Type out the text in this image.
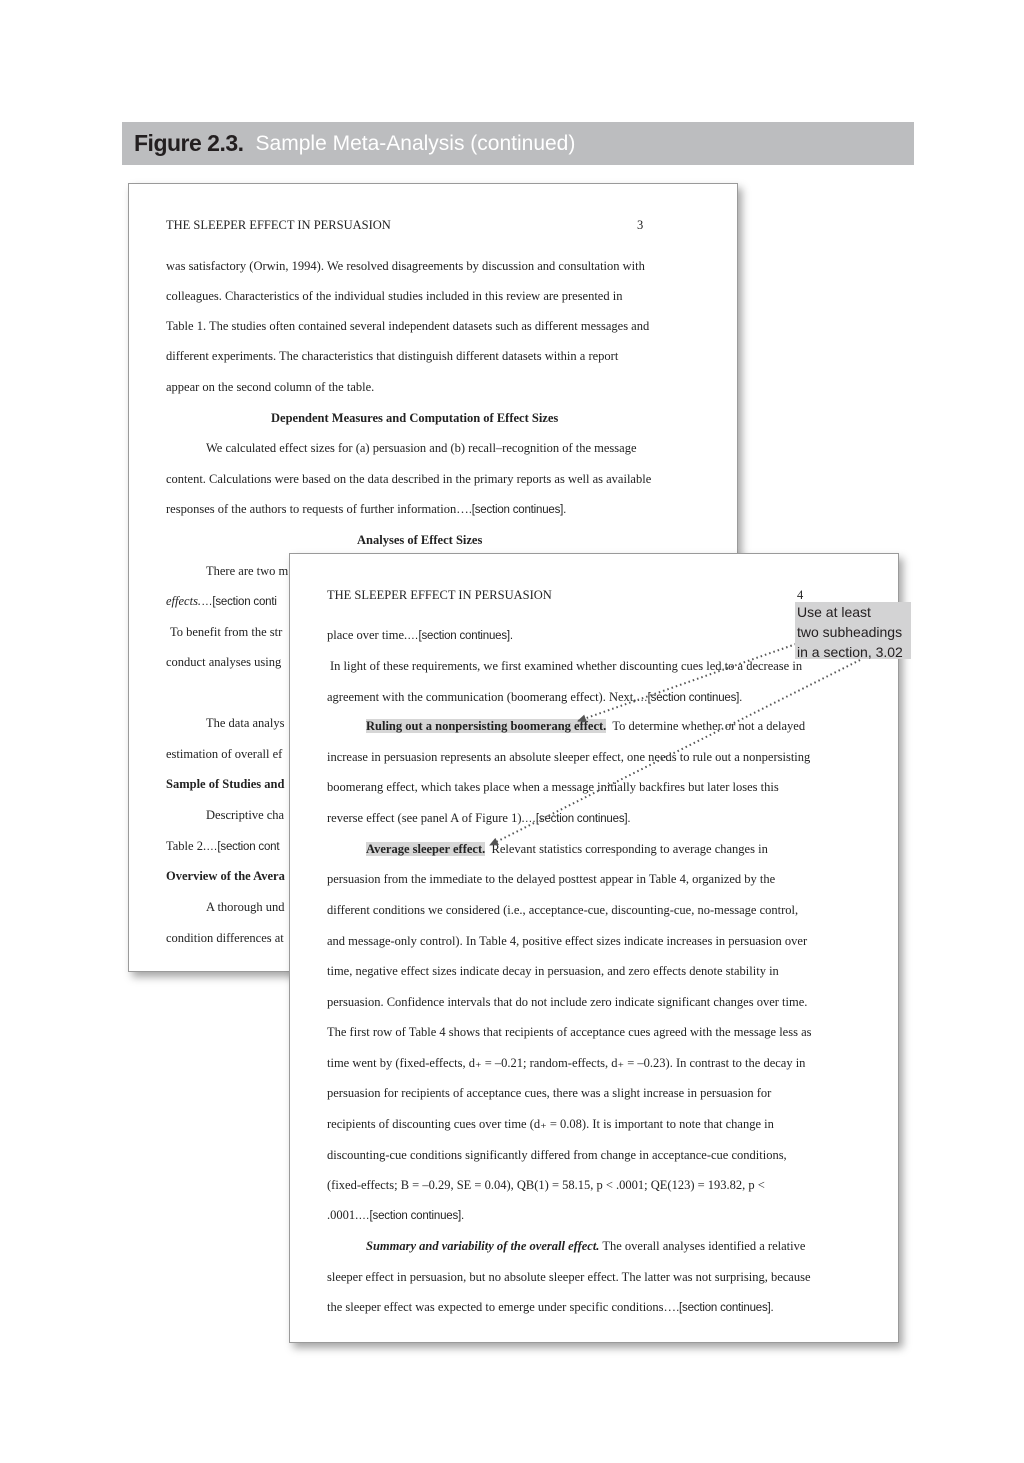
Figure 2.3. Sample Meta-Analysis (continued)
THE SLEEPER EFFECT IN PERSUASION	3
was satisfactory (Orwin, 1994). We resolved disagreements by discussion and consultation with
colleagues. Characteristics of the individual studies included in this review are presented in
Table 1. The studies often contained several independent datasets such as different messages and
different experiments. The characteristics that distinguish different datasets within a report
appear on the second column of the table.
Dependent Measures and Computation of Effect Sizes
We calculated effect sizes for (a) persuasion and (b) recall–recognition of the message
content. Calculations were based on the data described in the primary reports as well as available
responses of the authors to requests of further information….[section continues].
Analyses of Effect Sizes
There are two m
effects.…[section conti
To benefit from the str
conduct analyses using
The data analys
estimation of overall ef
Sample of Studies and
Descriptive cha
Table 2.…[section cont
Overview of the Avera
A thorough und
condition differences at
THE SLEEPER EFFECT IN PERSUASION	4
place over time.…[section continues].
In light of these requirements, we first examined whether discounting cues led to a decrease in
agreement with the communication (boomerang effect). Next,…[section continues].
Ruling out a nonpersisting boomerang effect. To determine whether or not a delayed
increase in persuasion represents an absolute sleeper effect, one needs to rule out a nonpersisting
boomerang effect, which takes place when a message initially backfires but later loses this
reverse effect (see panel A of Figure 1).…[section continues].
Average sleeper effect. Relevant statistics corresponding to average changes in
persuasion from the immediate to the delayed posttest appear in Table 4, organized by the
different conditions we considered (i.e., acceptance-cue, discounting-cue, no-message control,
and message-only control). In Table 4, positive effect sizes indicate increases in persuasion over
time, negative effect sizes indicate decay in persuasion, and zero effects denote stability in
persuasion. Confidence intervals that do not include zero indicate significant changes over time.
The first row of Table 4 shows that recipients of acceptance cues agreed with the message less as
time went by (fixed-effects, d₊ = –0.21; random-effects, d₊ = –0.23). In contrast to the decay in
persuasion for recipients of acceptance cues, there was a slight increase in persuasion for
recipients of discounting cues over time (d₊ = 0.08). It is important to note that change in
discounting-cue conditions significantly differed from change in acceptance-cue conditions,
(fixed-effects; B = –0.29, SE = 0.04), QB(1) = 58.15, p < .0001; QE(123) = 193.82, p <
.0001.…[section continues].
Summary and variability of the overall effect. The overall analyses identified a relative
sleeper effect in persuasion, but no absolute sleeper effect. The latter was not surprising, because
the sleeper effect was expected to emerge under specific conditions….[section continues].
Use at least
two subheadings
in a section, 3.02
